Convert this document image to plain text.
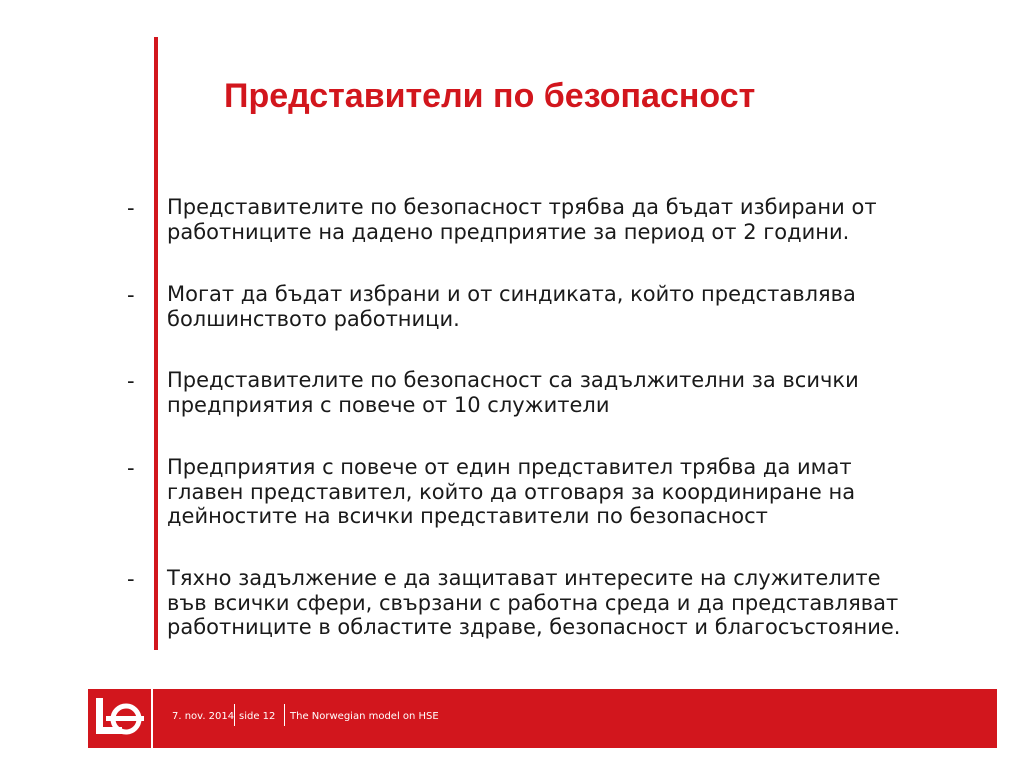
Представители по безопасност
- Представителите по безопасност трябва да бъдат избирани от
работниците на дадено предприятие за период от 2 години.
- Могат да бъдат избрани и от синдиката, който представлява
болшинството работници.
- Представителите по безопасност са задължителни за всички
предприятия с повече от 10 служители
- Предприятия с повече от един представител трябва да имат
главен представител, който да отговаря за координиране на
дейностите на всички представители по безопасност
- Тяхно задължение е да защитават интересите на служителите
във всички сфери, свързани с работна среда и да представляват
работниците в областите здраве, безопасност и благосъстояние.
7. nov. 2014 side 12 The Norwegian model on HSE
